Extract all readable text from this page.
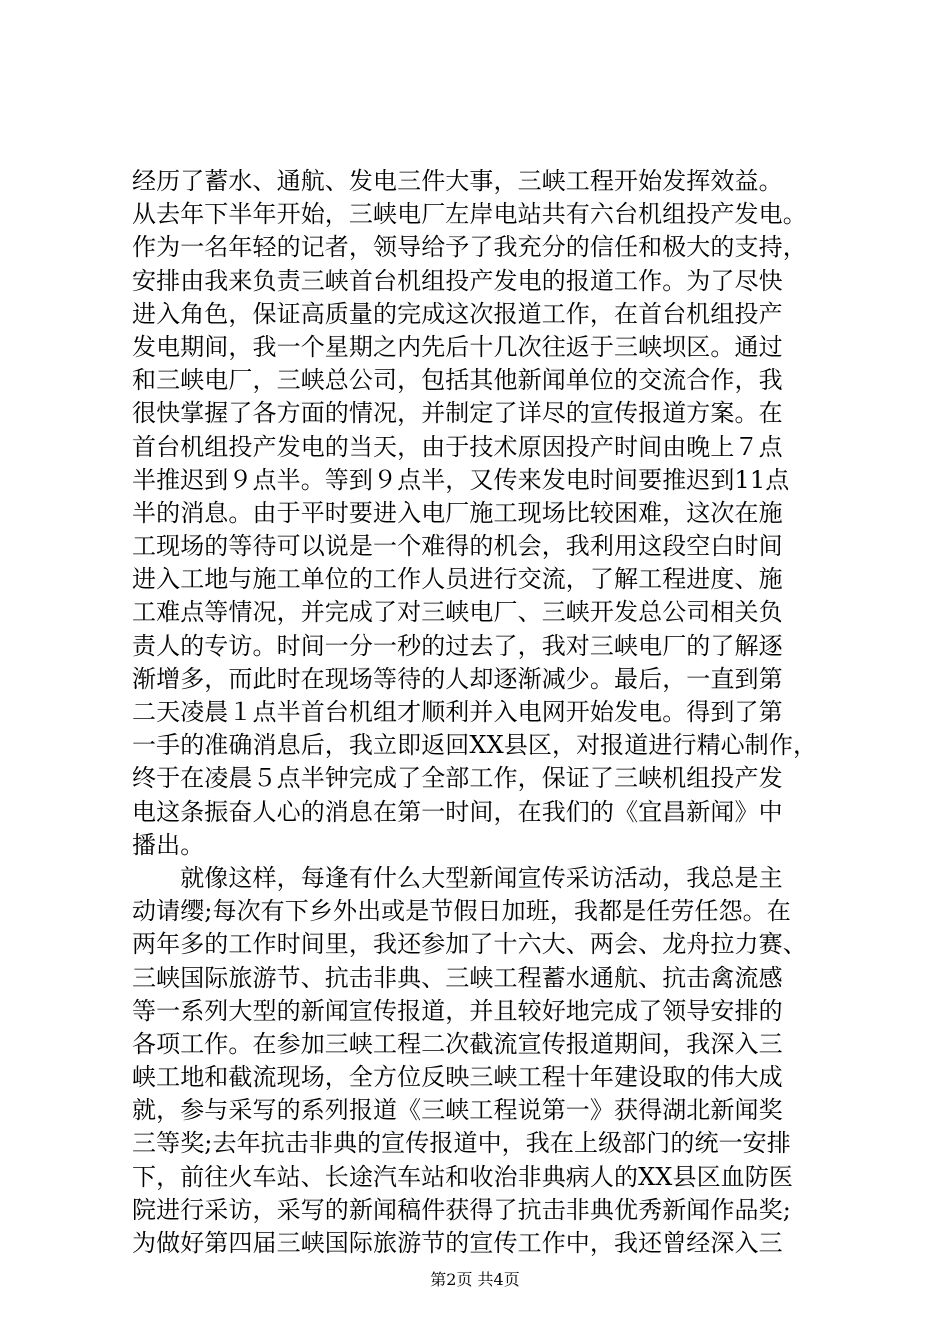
经历了蓄水、通航、发电三件大事，三峡工程开始发挥效益。
从去年下半年开始，三峡电厂左岸电站共有六台机组投产发电。
作为一名年轻的记者，领导给予了我充分的信任和极大的支持，
安排由我来负责三峡首台机组投产发电的报道工作。为了尽快
进入角色，保证高质量的完成这次报道工作，在首台机组投产
发电期间，我一个星期之内先后十几次往返于三峡坝区。通过
和三峡电厂，三峡总公司，包括其他新闻单位的交流合作，我
很快掌握了各方面的情况，并制定了详尽的宣传报道方案。在
首台机组投产发电的当天，由于技术原因投产时间由晚上７点
半推迟到９点半。等到９点半，又传来发电时间要推迟到11点
半的消息。由于平时要进入电厂施工现场比较困难，这次在施
工现场的等待可以说是一个难得的机会，我利用这段空白时间
进入工地与施工单位的工作人员进行交流，了解工程进度、施
工难点等情况，并完成了对三峡电厂、三峡开发总公司相关负
责人的专访。时间一分一秒的过去了，我对三峡电厂的了解逐
渐增多，而此时在现场等待的人却逐渐减少。最后，一直到第
二天凌晨１点半首台机组才顺利并入电网开始发电。得到了第
一手的准确消息后，我立即返回XX县区，对报道进行精心制作，
终于在凌晨５点半钟完成了全部工作，保证了三峡机组投产发
电这条振奋人心的消息在第一时间，在我们的《宜昌新闻》中
播出。
　　就像这样，每逢有什么大型新闻宣传采访活动，我总是主
动请缨;每次有下乡外出或是节假日加班，我都是任劳任怨。在
两年多的工作时间里，我还参加了十六大、两会、龙舟拉力赛、
三峡国际旅游节、抗击非典、三峡工程蓄水通航、抗击禽流感
等一系列大型的新闻宣传报道，并且较好地完成了领导安排的
各项工作。在参加三峡工程二次截流宣传报道期间，我深入三
峡工地和截流现场，全方位反映三峡工程十年建设取的伟大成
就，参与采写的系列报道《三峡工程说第一》获得湖北新闻奖
三等奖;去年抗击非典的宣传报道中，我在上级部门的统一安排
下，前往火车站、长途汽车站和收治非典病人的XX县区血防医
院进行采访，采写的新闻稿件获得了抗击非典优秀新闻作品奖;
为做好第四届三峡国际旅游节的宣传工作中，我还曾经深入三
第2页 共4页
